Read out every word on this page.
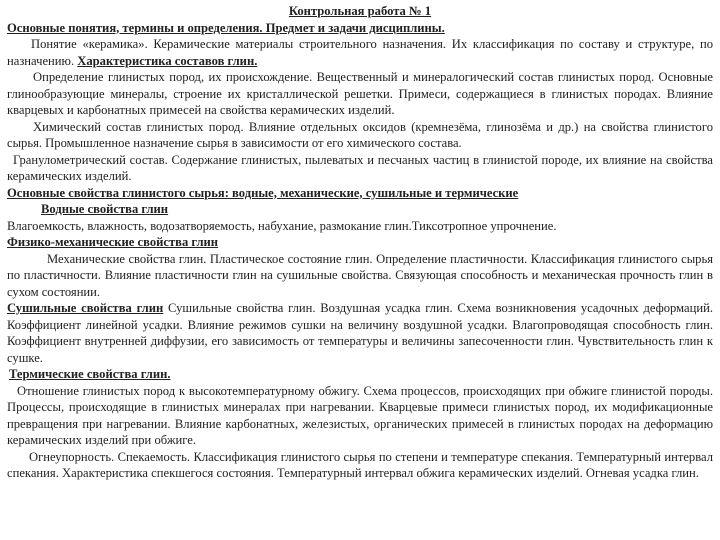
Контрольная работа № 1

Основные понятия, термины и определения. Предмет и задачи дисциплины.

Понятие «керамика». Керамические материалы строительного назначения. Их классификация по составу и структуре, по назначению. Характеристика составов глин.

Определение глинистых пород, их происхождение. Вещественный и минералогический состав глинистых пород. Основные глинообразующие минералы, строение их кристаллической решетки. Примеси, содержащиеся в глинистых породах. Влияние кварцевых и карбонатных примесей на свойства керамических изделий.

Химический состав глинистых пород. Влияние отдельных оксидов (кремнезёма, глинозёма и др.) на свойства глинистого сырья. Промышленное назначение сырья в зависимости от его химического состава.

Гранулометрический состав. Содержание глинистых, пылеватых и песчаных частиц в глинистой породе, их влияние на свойства керамических изделий.

Основные свойства глинистого сырья: водные, механические, сушильные и термические

Водные свойства глин

Влагоемкость, влажность, водозатворяемость, набухание, размокание глин.Тиксотропное упрочнение.

Физико-механические свойства глин

Механические свойства глин. Пластическое состояние глин. Определение пластичности. Классификация глинистого сырья по пластичности. Влияние пластичности глин на сушильные свойства. Связующая способность и механическая прочность глин в сухом состоянии.

Сушильные свойства глин Сушильные свойства глин. Воздушная усадка глин. Схема возникновения усадочных деформаций. Коэффициент линейной усадки. Влияние режимов сушки на величину воздушной усадки. Влагопроводящая способность глин. Коэффициент внутренней диффузии, его зависимость от температуры и величины запесоченности глин. Чувствительность глин к сушке.

Термические свойства глин.

Отношение глинистых пород к высокотемпературному обжигу. Схема процессов, происходящих при обжиге глинистой породы. Процессы, происходящие в глинистых минералах при нагревании. Кварцевые примеси глинистых пород, их модификационные превращения при нагревании. Влияние карбонатных, железистых, органических примесей в глинистых породах на деформацию керамических изделий при обжиге.

Огнеупорность. Спекаемость. Классификация глинистого сырья по степени и температуре спекания. Температурный интервал спекания. Характеристика спекшегося состояния. Температурный интервал обжига керамических изделий. Огневая усадка глин.
